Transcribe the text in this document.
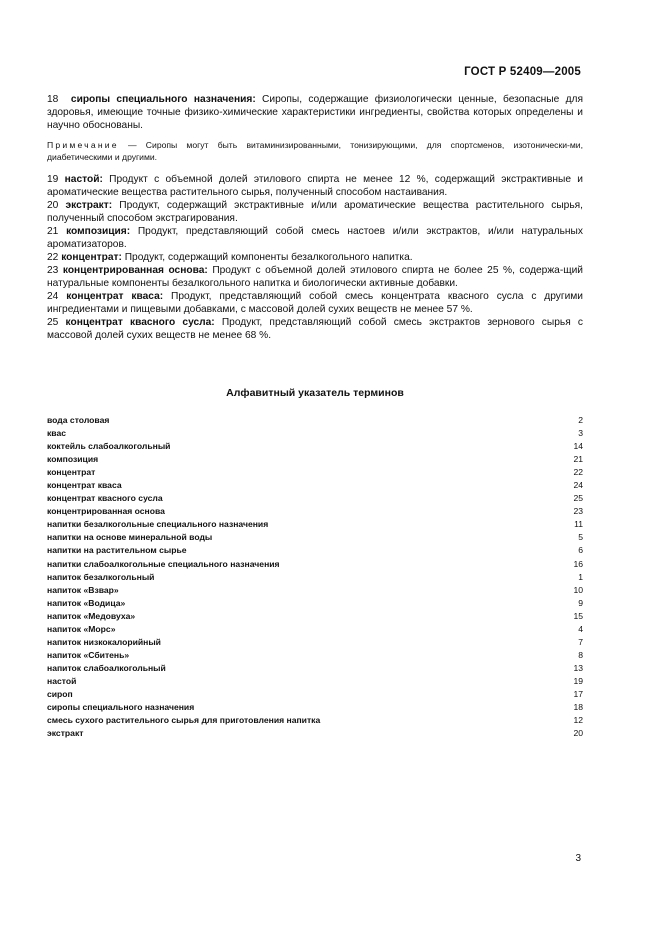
ГОСТ Р 52409—2005
18 сиропы специального назначения: Сиропы, содержащие физиологически ценные, безопасные для здоровья, имеющие точные физико-химические характеристики ингредиенты, свойства которых определены и научно обоснованы.
Примечание — Сиропы могут быть витаминизированными, тонизирующими, для спортсменов, изотонически-ми, диабетическими и другими.
19 настой: Продукт с объемной долей этилового спирта не менее 12 %, содержащий экстрактивные и ароматические вещества растительного сырья, полученный способом настаивания.
20 экстракт: Продукт, содержащий экстрактивные и/или ароматические вещества растительного сырья, полученный способом экстрагирования.
21 композиция: Продукт, представляющий собой смесь настоев и/или экстрактов, и/или натуральных ароматизаторов.
22 концентрат: Продукт, содержащий компоненты безалкогольного напитка.
23 концентрированная основа: Продукт с объемной долей этилового спирта не более 25 %, содержа-щий натуральные компоненты безалкогольного напитка и биологически активные добавки.
24 концентрат кваса: Продукт, представляющий собой смесь концентрата квасного сусла с другими ингредиентами и пищевыми добавками, с массовой долей сухих веществ не менее 57 %.
25 концентрат квасного сусла: Продукт, представляющий собой смесь экстрактов зернового сырья с массовой долей сухих веществ не менее 68 %.
Алфавитный указатель терминов
вода столовая	2
квас	3
коктейль слабоалкогольный	14
композиция	21
концентрат	22
концентрат кваса	24
концентрат квасного сусла	25
концентрированная основа	23
напитки безалкогольные специального назначения	11
напитки на основе минеральной воды	5
напитки на растительном сырье	6
напитки слабоалкогольные специального назначения	16
напиток безалкогольный	1
напиток «Взвар»	10
напиток «Водица»	9
напиток «Медовуха»	15
напиток «Морс»	4
напиток низкокалорийный	7
напиток «Сбитень»	8
напиток слабоалкогольный	13
настой	19
сироп	17
сиропы специального назначения	18
смесь сухого растительного сырья для приготовления напитка	12
экстракт	20
3
